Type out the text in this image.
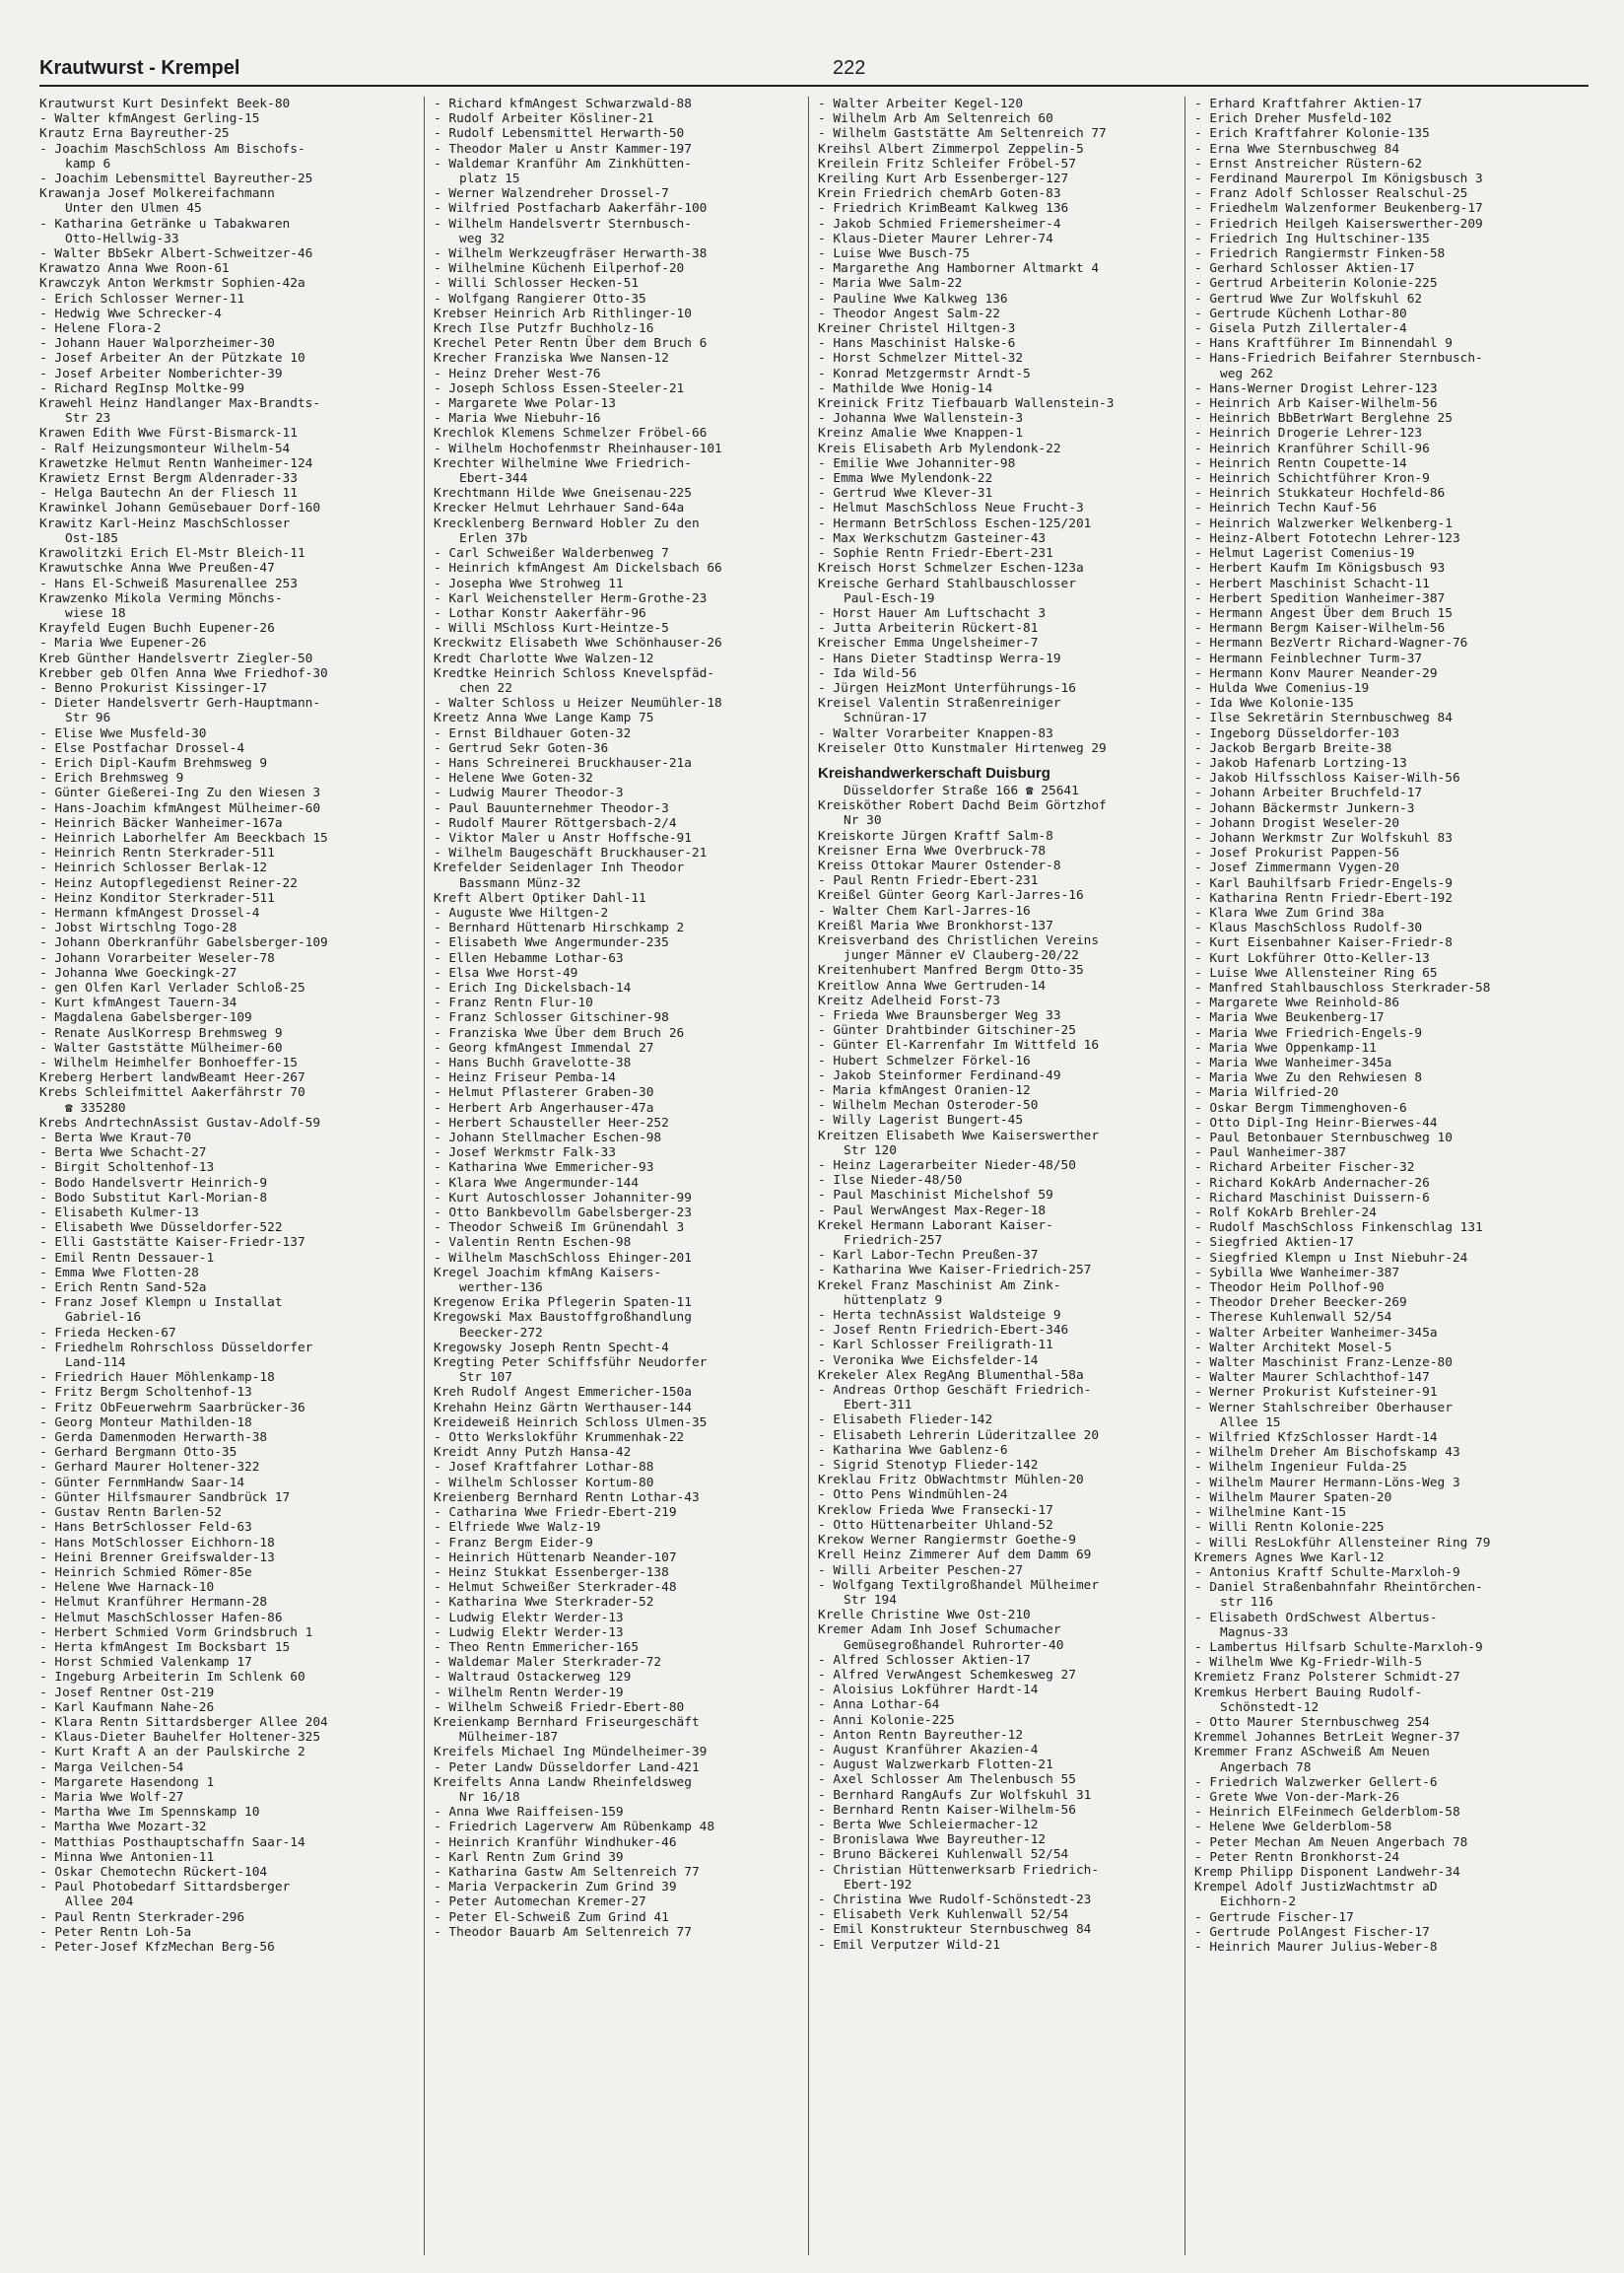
Krautwurst - Krempel	222
Krautwurst Kurt Desinfekt Beek-80
- Walter kfmAngest Gerling-15
Krautz Erna Bayreuther-25
- Joachim MaschSchloss Am Bischofs-
kamp 6
- Joachim Lebensmittel Bayreuther-25
Krawanja Josef Molkereifachmann
Unter den Ulmen 45
- Katharina Getränke u Tabakwaren
Otto-Hellwig-33
- Walter BbSekr Albert-Schweitzer-46
Krawatzo Anna Wwe Roon-61
Krawczyk Anton Werkmstr Sophien-42a
- Erich Schlosser Werner-11
- Hedwig Wwe Schrecker-4
- Helene Flora-2
- Johann Hauer Walporzheimer-30
- Josef Arbeiter An der Pützkate 10
- Josef Arbeiter Nomberichter-39
- Richard RegInsp Moltke-99
Krawehl Heinz Handlanger Max-Brandts-
Str 23
Krawen Edith Wwe Fürst-Bismarck-11
- Ralf Heizungsmonteur Wilhelm-54
Krawetzke Helmut Rentn Wanheimer-124
Krawietz Ernst Bergm Aldenrader-33
- Helga Bautechn An der Fliesch 11
Krawinkel Johann Gemüsebauer Dorf-160
Krawitz Karl-Heinz MaschSchlosser
Ost-185
Krawolitzki Erich El-Mstr Bleich-11
Krawutschke Anna Wwe Preußen-47
- Hans El-Schweiß Masurenallee 253
Krawzenko Mikola Verming Mönchs-
wiese 18
Krayfeld Eugen Buchh Eupener-26
- Maria Wwe Eupener-26
Kreb Günther Handelsvertr Ziegler-50
Krebber geb Olfen Anna Wwe Friedhof-30
- Benno Prokurist Kissinger-17
- Dieter Handelsvertr Gerh-Hauptmann-
Str 96
- Elise Wwe Musfeld-30
- Else Postfachar Drossel-4
- Erich Dipl-Kaufm Brehmsweg 9
- Erich Brehmsweg 9
- Günter Gießerei-Ing Zu den Wiesen 3
- Hans-Joachim kfmAngest Mülheimer-60
- Heinrich Bäcker Wanheimer-167a
- Heinrich Laborhelfer Am Beeckbach 15
- Heinrich Rentn Sterkrader-511
- Heinrich Schlosser Berlak-12
- Heinz Autopflegedienst Reiner-22
- Heinz Konditor Sterkrader-511
- Hermann kfmAngest Drossel-4
- Jobst Wirtschlng Togo-28
- Johann Oberkranführ Gabelsberger-109
- Johann Vorarbeiter Weseler-78
- Johanna Wwe Goeckingk-27
- gen Olfen Karl Verlader Schloß-25
- Kurt kfmAngest Tauern-34
- Magdalena Gabelsberger-109
- Renate AuslKorresp Brehmsweg 9
- Walter Gaststätte Mülheimer-60
- Wilhelm Heimhelfer Bonhoeffer-15
Kreberg Herbert landwBeamt Heer-267
Krebs Schleifmittel Aakerfährstr 70
☎ 335280
Krebs AndrtechnAssist Gustav-Adolf-59
- Berta Wwe Kraut-70
- Berta Wwe Schacht-27
- Birgit Scholtenhof-13
- Bodo Handelsvertr Heinrich-9
- Bodo Substitut Karl-Morian-8
- Elisabeth Kulmer-13
- Elisabeth Wwe Düsseldorfer-522
- Elli Gaststätte Kaiser-Friedr-137
- Emil Rentn Dessauer-1
- Emma Wwe Flotten-28
- Erich Rentn Sand-52a
- Franz Josef Klempn u Installat
Gabriel-16
- Frieda Hecken-67
- Friedhelm Rohrschloss Düsseldorfer
Land-114
- Friedrich Hauer Möhlenkamp-18
- Fritz Bergm Scholtenhof-13
- Fritz ObFeuerwehrm Saarbrücker-36
- Georg Monteur Mathilden-18
- Gerda Damenmoden Herwarth-38
- Gerhard Bergmann Otto-35
- Gerhard Maurer Holtener-322
- Günter FernmHandw Saar-14
- Günter Hilfsmaurer Sandbrück 17
- Gustav Rentn Barlen-52
- Hans BetrSchlosser Feld-63
- Hans MotSchlosser Eichhorn-18
- Heini Brenner Greifswalder-13
- Heinrich Schmied Römer-85e
- Helene Wwe Harnack-10
- Helmut Kranführer Hermann-28
- Helmut MaschSchlosser Hafen-86
- Herbert Schmied Vorm Grindsbruch 1
- Herta kfmAngest Im Bocksbart 15
- Horst Schmied Valenkamp 17
- Ingeburg Arbeiterin Im Schlenk 60
- Josef Rentner Ost-219
- Karl Kaufmann Nahe-26
- Klara Rentn Sittardsberger Allee 204
- Klaus-Dieter Bauhelfer Holtener-325
- Kurt Kraft A an der Paulskirche 2
- Marga Veilchen-54
- Margarete Hasendong 1
- Maria Wwe Wolf-27
- Martha Wwe Im Spennskamp 10
- Martha Wwe Mozart-32
- Matthias Posthauptschaffn Saar-14
- Minna Wwe Antonien-11
- Oskar Chemotechn Rückert-104
- Paul Photobedarf Sittardsberger
Allee 204
- Paul Rentn Sterkrader-296
- Peter Rentn Loh-5a
- Peter-Josef KfzMechan Berg-56
- Richard kfmAngest Schwarzwald-88
- Rudolf Arbeiter Kösliner-21
- Rudolf Lebensmittel Herwarth-50
- Theodor Maler u Anstr Kammer-197
- Waldemar Kranführ Am Zinkhütten-
platz 15
- Werner Walzendreher Drossel-7
- Wilfried Postfacharb Aakerfähr-100
- Wilhelm Handelsvertr Sternbusch-
weg 32
- Wilhelm Werkzeugfräser Herwarth-38
- Wilhelmine Küchenh Eilperhof-20
- Willi Schlosser Hecken-51
- Wolfgang Rangierer Otto-35
Krebser Heinrich Arb Rithlinger-10
Krech Ilse Putzfr Buchholz-16
Krechel Peter Rentn Über dem Bruch 6
Krecher Franziska Wwe Nansen-12
- Heinz Dreher West-76
- Joseph Schloss Essen-Steeler-21
- Margarete Wwe Polar-13
- Maria Wwe Niebuhr-16
Krechlok Klemens Schmelzer Fröbel-66
- Wilhelm Hochofenmstr Rheinhauser-101
Krechter Wilhelmine Wwe Friedrich-
Ebert-344
Krechtmann Hilde Wwe Gneisenau-225
Krecker Helmut Lehrhauer Sand-64a
Krecklenberg Bernward Hobler Zu den
Erlen 37b
- Carl Schweißer Walderbenweg 7
- Heinrich kfmAngest Am Dickelsbach 66
- Josepha Wwe Strohweg 11
- Karl Weichensteller Herm-Grothe-23
- Lothar Konstr Aakerfähr-96
- Willi MSchloss Kurt-Heintze-5
Kreckwitz Elisabeth Wwe Schönhauser-26
Kredt Charlotte Wwe Walzen-12
Kredtke Heinrich Schloss Knevelspfäd-
chen 22
- Walter Schloss u Heizer Neumühler-18
Kreetz Anna Wwe Lange Kamp 75
- Ernst Bildhauer Goten-32
- Gertrud Sekr Goten-36
- Hans Schreinerei Bruckhauser-21a
- Helene Wwe Goten-32
- Ludwig Maurer Theodor-3
- Paul Bauunternehmer Theodor-3
- Rudolf Maurer Röttgersbach-2/4
- Viktor Maler u Anstr Hoffsche-91
- Wilhelm Baugeschäft Bruckhauser-21
Krefelder Seidenlager Inh Theodor
Bassmann Münz-32
Kreft Albert Optiker Dahl-11
- Auguste Wwe Hiltgen-2
- Bernhard Hüttenarb Hirschkamp 2
- Elisabeth Wwe Angermunder-235
- Ellen Hebamme Lothar-63
- Elsa Wwe Horst-49
- Erich Ing Dickelsbach-14
- Franz Rentn Flur-10
- Franz Schlosser Gitschiner-98
- Franziska Wwe Über dem Bruch 26
- Georg kfmAngest Immendal 27
- Hans Buchh Gravelotte-38
- Heinz Friseur Pemba-14
- Helmut Pflasterer Graben-30
- Herbert Arb Angerhauser-47a
- Herbert Schausteller Heer-252
- Johann Stellmacher Eschen-98
- Josef Werkmstr Falk-33
- Katharina Wwe Emmericher-93
- Klara Wwe Angermunder-144
- Kurt Autoschlosser Johanniter-99
- Otto Bankbevollm Gabelsberger-23
- Theodor Schweiß Im Grünendahl 3
- Valentin Rentn Eschen-98
- Wilhelm MaschSchloss Ehinger-201
Kregel Joachim kfmAng Kaisers-
werther-136
Kregenow Erika Pflegerin Spaten-11
Kregowski Max Baustoffgroßhandlung
Beecker-272
Kregowsky Joseph Rentn Specht-4
Kregting Peter Schiffsführ Neudorfer
Str 107
Kreh Rudolf Angest Emmericher-150a
Krehahn Heinz Gärtn Werthauser-144
Kreideweiß Heinrich Schloss Ulmen-35
- Otto Werkslokführ Krummenhak-22
Kreidt Anny Putzh Hansa-42
- Josef Kraftfahrer Lothar-88
- Wilhelm Schlosser Kortum-80
Kreienberg Bernhard Rentn Lothar-43
- Catharina Wwe Friedr-Ebert-219
- Elfriede Wwe Walz-19
- Franz Bergm Eider-9
- Heinrich Hüttenarb Neander-107
- Heinz Stukkat Essenberger-138
- Helmut Schweißer Sterkrader-48
- Katharina Wwe Sterkrader-52
- Ludwig Elektr Werder-13
- Ludwig Elektr Werder-13
- Theo Rentn Emmericher-165
- Waldemar Maler Sterkrader-72
- Waltraud Ostackerweg 129
- Wilhelm Rentn Werder-19
- Wilhelm Schweiß Friedr-Ebert-80
Kreienkamp Bernhard Friseurgeschäft
Mülheimer-187
Kreifels Michael Ing Mündelheimer-39
- Peter Landw Düsseldorfer Land-421
Kreifelts Anna Landw Rheinfeldsweg
Nr 16/18
- Anna Wwe Raiffeisen-159
- Friedrich Lagerverw Am Rübenkamp 48
- Heinrich Kranführ Windhuker-46
- Karl Rentn Zum Grind 39
- Katharina Gastw Am Seltenreich 77
- Maria Verpackerin Zum Grind 39
- Peter Automechan Kremer-27
- Peter El-Schweiß Zum Grind 41
- Theodor Bauarb Am Seltenreich 77
- Walter Arbeiter Kegel-120
- Wilhelm Arb Am Seltenreich 60
- Wilhelm Gaststätte Am Seltenreich 77
Kreihsl Albert Zimmerpol Zeppelin-5
Kreilein Fritz Schleifer Fröbel-57
Kreiling Kurt Arb Essenberger-127
Krein Friedrich chemArb Goten-83
- Friedrich KrimBeamt Kalkweg 136
- Jakob Schmied Friemersheimer-4
- Klaus-Dieter Maurer Lehrer-74
- Luise Wwe Busch-75
- Margarethe Ang Hamborner Altmarkt 4
- Maria Wwe Salm-22
- Pauline Wwe Kalkweg 136
- Theodor Angest Salm-22
Kreiner Christel Hiltgen-3
- Hans Maschinist Halske-6
- Horst Schmelzer Mittel-32
- Konrad Metzgermstr Arndt-5
- Mathilde Wwe Honig-14
Kreinick Fritz Tiefbauarb Wallenstein-3
- Johanna Wwe Wallenstein-3
Kreinz Amalie Wwe Knappen-1
Kreis Elisabeth Arb Mylendonk-22
- Emilie Wwe Johanniter-98
- Emma Wwe Mylendonk-22
- Gertrud Wwe Klever-31
- Helmut MaschSchloss Neue Frucht-3
- Hermann BetrSchloss Eschen-125/201
- Max Werkschutzm Gasteiner-43
- Sophie Rentn Friedr-Ebert-231
Kreisch Horst Schmelzer Eschen-123a
Kreische Gerhard Stahlbauschlosser
Paul-Esch-19
- Horst Hauer Am Luftschacht 3
- Jutta Arbeiterin Rückert-81
Kreischer Emma Ungelsheimer-7
- Hans Dieter Stadtinsp Werra-19
- Ida Wild-56
- Jürgen HeizMont Unterführungs-16
Kreisel Valentin Straßenreiniger
Schnüran-17
- Walter Vorarbeiter Knappen-83
Kreiseler Otto Kunstmaler Hirtenweg 29
Kreishandwerkerschaft Duisburg
Düsseldorfer Straße 166 ☎ 25641
Kreisköther Robert Dachd Beim Görtzhof
Nr 30
Kreiskorte Jürgen Kraftf Salm-8
Kreisner Erna Wwe Overbruck-78
Kreiss Ottokar Maurer Ostender-8
- Paul Rentn Friedr-Ebert-231
Kreißel Günter Georg Karl-Jarres-16
- Walter Chem Karl-Jarres-16
Kreißl Maria Wwe Bronkhorst-137
Kreisverband des Christlichen Vereins
junger Männer eV Clauberg-20/22
Kreitenhubert Manfred Bergm Otto-35
Kreitlow Anna Wwe Gertruden-14
Kreitz Adelheid Forst-73
- Frieda Wwe Braunsberger Weg 33
- Günter Drahtbinder Gitschiner-25
- Günter El-Karrenfahr Im Wittfeld 16
- Hubert Schmelzer Förkel-16
- Jakob Steinformer Ferdinand-49
- Maria kfmAngest Oranien-12
- Wilhelm Mechan Osteroder-50
- Willy Lagerist Bungert-45
Kreitzen Elisabeth Wwe Kaiserswerther
Str 120
- Heinz Lagerarbeiter Nieder-48/50
- Ilse Nieder-48/50
- Paul Maschinist Michelshof 59
- Paul WerwAngest Max-Reger-18
Krekel Hermann Laborant Kaiser-
Friedrich-257
- Karl Labor-Techn Preußen-37
- Katharina Wwe Kaiser-Friedrich-257
Krekel Franz Maschinist Am Zink-
hüttenplatz 9
- Herta technAssist Waldsteige 9
- Josef Rentn Friedrich-Ebert-346
- Karl Schlosser Freiligrath-11
- Veronika Wwe Eichsfelder-14
Krekeler Alex RegAng Blumenthal-58a
- Andreas Orthop Geschäft Friedrich-
Ebert-311
- Elisabeth Flieder-142
- Elisabeth Lehrerin Lüderitzallee 20
- Katharina Wwe Gablenz-6
- Sigrid Stenotyp Flieder-142
Kreklau Fritz ObWachtmstr Mühlen-20
- Otto Pens Windmühlen-24
Kreklow Frieda Wwe Fransecki-17
- Otto Hüttenarbeiter Uhland-52
Krekow Werner Rangiermstr Goethe-9
Krell Heinz Zimmerer Auf dem Damm 69
- Willi Arbeiter Peschen-27
- Wolfgang Textilgroßhandel Mülheimer
Str 194
Krelle Christine Wwe Ost-210
Kremer Adam Inh Josef Schumacher
Gemüsegroßhandel Ruhrorter-40
- Alfred Schlosser Aktien-17
- Alfred VerwAngest Schemkesweg 27
- Aloisius Lokführer Hardt-14
- Anna Lothar-64
- Anni Kolonie-225
- Anton Rentn Bayreuther-12
- August Kranführer Akazien-4
- August Walzwerkarb Flotten-21
- Axel Schlosser Am Thelenbusch 55
- Bernhard RangAufs Zur Wolfskuhl 31
- Bernhard Rentn Kaiser-Wilhelm-56
- Berta Wwe Schleiermacher-12
- Bronislawa Wwe Bayreuther-12
- Bruno Bäckerei Kuhlenwall 52/54
- Christian Hüttenwerksarb Friedrich-
Ebert-192
- Christina Wwe Rudolf-Schönstedt-23
- Elisabeth Verk Kuhlenwall 52/54
- Emil Konstrukteur Sternbuschweg 84
- Emil Verputzer Wild-21
- Erhard Kraftfahrer Aktien-17
- Erich Dreher Musfeld-102
- Erich Kraftfahrer Kolonie-135
- Erna Wwe Sternbuschweg 84
- Ernst Anstreicher Rüstern-62
- Ferdinand Maurerpol Im Königsbusch 3
- Franz Adolf Schlosser Realschul-25
- Friedhelm Walzenformer Beukenberg-17
- Friedrich Heilgeh Kaiserswerther-209
- Friedrich Ing Hultschiner-135
- Friedrich Rangiermstr Finken-58
- Gerhard Schlosser Aktien-17
- Gertrud Arbeiterin Kolonie-225
- Gertrud Wwe Zur Wolfskuhl 62
- Gertrude Küchenh Lothar-80
- Gisela Putzh Zillertaler-4
- Hans Kraftführer Im Binnendahl 9
- Hans-Friedrich Beifahrer Sternbusch-
weg 262
- Hans-Werner Drogist Lehrer-123
- Heinrich Arb Kaiser-Wilhelm-56
- Heinrich BbBetrWart Berglehne 25
- Heinrich Drogerie Lehrer-123
- Heinrich Kranführer Schill-96
- Heinrich Rentn Coupette-14
- Heinrich Schichtführer Kron-9
- Heinrich Stukkateur Hochfeld-86
- Heinrich Techn Kauf-56
- Heinrich Walzwerker Welkenberg-1
- Heinz-Albert Fototechn Lehrer-123
- Helmut Lagerist Comenius-19
- Herbert Kaufm Im Königsbusch 93
- Herbert Maschinist Schacht-11
- Herbert Spedition Wanheimer-387
- Hermann Angest Über dem Bruch 15
- Hermann Bergm Kaiser-Wilhelm-56
- Hermann BezVertr Richard-Wagner-76
- Hermann Feinblechner Turm-37
- Hermann Konv Maurer Neander-29
- Hulda Wwe Comenius-19
- Ida Wwe Kolonie-135
- Ilse Sekretärin Sternbuschweg 84
- Ingeborg Düsseldorfer-103
- Jackob Bergarb Breite-38
- Jakob Hafenarb Lortzing-13
- Jakob Hilfsschloss Kaiser-Wilh-56
- Johann Arbeiter Bruchfeld-17
- Johann Bäckermstr Junkern-3
- Johann Drogist Weseler-20
- Johann Werkmstr Zur Wolfskuhl 83
- Josef Prokurist Pappen-56
- Josef Zimmermann Vygen-20
- Karl Bauhilfsarb Friedr-Engels-9
- Katharina Rentn Friedr-Ebert-192
- Klara Wwe Zum Grind 38a
- Klaus MaschSchloss Rudolf-30
- Kurt Eisenbahner Kaiser-Friedr-8
- Kurt Lokführer Otto-Keller-13
- Luise Wwe Allensteiner Ring 65
- Manfred Stahlbauschloss Sterkrader-58
- Margarete Wwe Reinhold-86
- Maria Wwe Beukenberg-17
- Maria Wwe Friedrich-Engels-9
- Maria Wwe Oppenkamp-11
- Maria Wwe Wanheimer-345a
- Maria Wwe Zu den Rehwiesen 8
- Maria Wilfried-20
- Oskar Bergm Timmenghoven-6
- Otto Dipl-Ing Heinr-Bierwes-44
- Paul Betonbauer Sternbuschweg 10
- Paul Wanheimer-387
- Richard Arbeiter Fischer-32
- Richard KokArb Andernacher-26
- Richard Maschinist Duissern-6
- Rolf KokArb Brehler-24
- Rudolf MaschSchloss Finkenschlag 131
- Siegfried Aktien-17
- Siegfried Klempn u Inst Niebuhr-24
- Sybilla Wwe Wanheimer-387
- Theodor Heim Pollhof-90
- Theodor Dreher Beecker-269
- Therese Kuhlenwall 52/54
- Walter Arbeiter Wanheimer-345a
- Walter Architekt Mosel-5
- Walter Maschinist Franz-Lenze-80
- Walter Maurer Schlachthof-147
- Werner Prokurist Kufsteiner-91
- Werner Stahlschreiber Oberhauser
Allee 15
- Wilfried KfzSchlosser Hardt-14
- Wilhelm Dreher Am Bischofskamp 43
- Wilhelm Ingenieur Fulda-25
- Wilhelm Maurer Hermann-Löns-Weg 3
- Wilhelm Maurer Spaten-20
- Wilhelmine Kant-15
- Willi Rentn Kolonie-225
- Willi ResLokführ Allensteiner Ring 79
Kremers Agnes Wwe Karl-12
- Antonius Kraftf Schulte-Marxloh-9
- Daniel Straßenbahnfahr Rheintörchen-
str 116
- Elisabeth OrdSchwest Albertus-
Magnus-33
- Lambertus Hilfsarb Schulte-Marxloh-9
- Wilhelm Wwe Kg-Friedr-Wilh-5
Kremietz Franz Polsterer Schmidt-27
Kremkus Herbert Bauing Rudolf-
Schönstedt-12
- Otto Maurer Sternbuschweg 254
Kremmel Johannes BetrLeit Wegner-37
Kremmer Franz ASchweiß Am Neuen
Angerbach 78
- Friedrich Walzwerker Gellert-6
- Grete Wwe Von-der-Mark-26
- Heinrich ElFeinmech Gelderblom-58
- Helene Wwe Gelderblom-58
- Peter Mechan Am Neuen Angerbach 78
- Peter Rentn Bronkhorst-24
Kremp Philipp Disponent Landwehr-34
Krempel Adolf JustizWachtmstr aD
Eichhorn-2
- Gertrude Fischer-17
- Gertrude PolAngest Fischer-17
- Heinrich Maurer Julius-Weber-8
